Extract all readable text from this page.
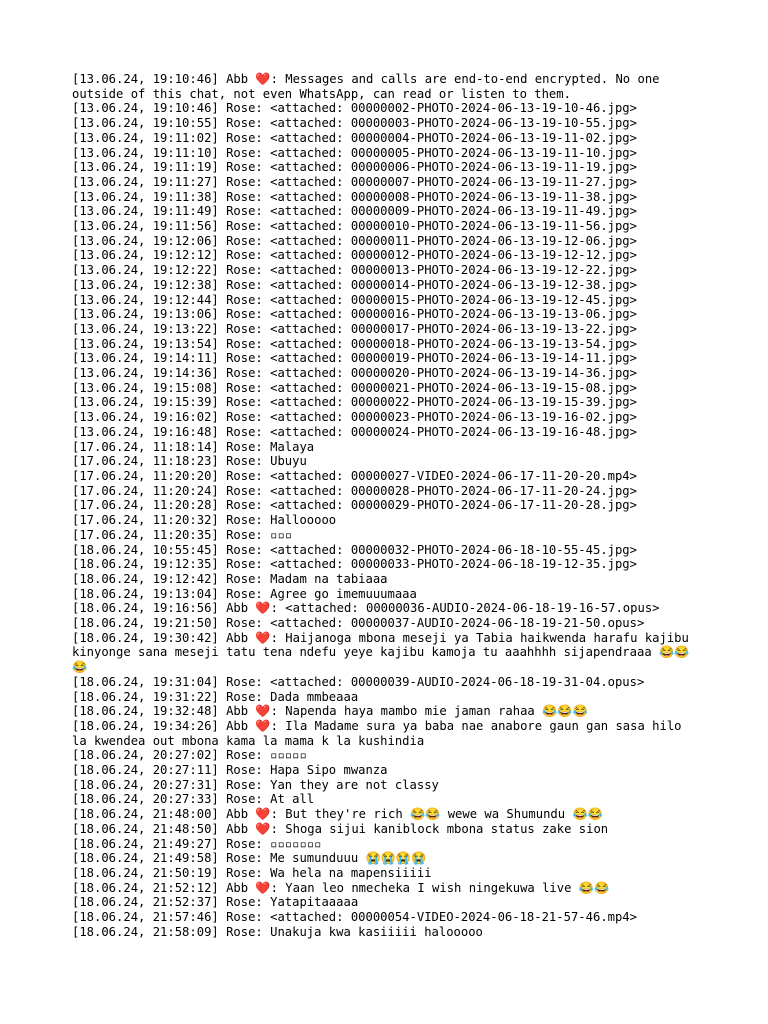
[13.06.24, 19:10:46] Abb ❤️: Messages and calls are end-to-end encrypted. No one outside of this chat, not even WhatsApp, can read or listen to them.
[13.06.24, 19:10:46] Rose: <attached: 00000002-PHOTO-2024-06-13-19-10-46.jpg>
[13.06.24, 19:10:55] Rose: <attached: 00000003-PHOTO-2024-06-13-19-10-55.jpg>
[13.06.24, 19:11:02] Rose: <attached: 00000004-PHOTO-2024-06-13-19-11-02.jpg>
[13.06.24, 19:11:10] Rose: <attached: 00000005-PHOTO-2024-06-13-19-11-10.jpg>
[13.06.24, 19:11:19] Rose: <attached: 00000006-PHOTO-2024-06-13-19-11-19.jpg>
[13.06.24, 19:11:27] Rose: <attached: 00000007-PHOTO-2024-06-13-19-11-27.jpg>
[13.06.24, 19:11:38] Rose: <attached: 00000008-PHOTO-2024-06-13-19-11-38.jpg>
[13.06.24, 19:11:49] Rose: <attached: 00000009-PHOTO-2024-06-13-19-11-49.jpg>
[13.06.24, 19:11:56] Rose: <attached: 00000010-PHOTO-2024-06-13-19-11-56.jpg>
[13.06.24, 19:12:06] Rose: <attached: 00000011-PHOTO-2024-06-13-19-12-06.jpg>
[13.06.24, 19:12:12] Rose: <attached: 00000012-PHOTO-2024-06-13-19-12-12.jpg>
[13.06.24, 19:12:22] Rose: <attached: 00000013-PHOTO-2024-06-13-19-12-22.jpg>
[13.06.24, 19:12:38] Rose: <attached: 00000014-PHOTO-2024-06-13-19-12-38.jpg>
[13.06.24, 19:12:44] Rose: <attached: 00000015-PHOTO-2024-06-13-19-12-45.jpg>
[13.06.24, 19:13:06] Rose: <attached: 00000016-PHOTO-2024-06-13-19-13-06.jpg>
[13.06.24, 19:13:22] Rose: <attached: 00000017-PHOTO-2024-06-13-19-13-22.jpg>
[13.06.24, 19:13:54] Rose: <attached: 00000018-PHOTO-2024-06-13-19-13-54.jpg>
[13.06.24, 19:14:11] Rose: <attached: 00000019-PHOTO-2024-06-13-19-14-11.jpg>
[13.06.24, 19:14:36] Rose: <attached: 00000020-PHOTO-2024-06-13-19-14-36.jpg>
[13.06.24, 19:15:08] Rose: <attached: 00000021-PHOTO-2024-06-13-19-15-08.jpg>
[13.06.24, 19:15:39] Rose: <attached: 00000022-PHOTO-2024-06-13-19-15-39.jpg>
[13.06.24, 19:16:02] Rose: <attached: 00000023-PHOTO-2024-06-13-19-16-02.jpg>
[13.06.24, 19:16:48] Rose: <attached: 00000024-PHOTO-2024-06-13-19-16-48.jpg>
[17.06.24, 11:18:14] Rose: Malaya
[17.06.24, 11:18:23] Rose: Ubuyu
[17.06.24, 11:20:20] Rose: <attached: 00000027-VIDEO-2024-06-17-11-20-20.mp4>
[17.06.24, 11:20:24] Rose: <attached: 00000028-PHOTO-2024-06-17-11-20-24.jpg>
[17.06.24, 11:20:28] Rose: <attached: 00000029-PHOTO-2024-06-17-11-20-28.jpg>
[17.06.24, 11:20:32] Rose: Hallooooo
[17.06.24, 11:20:35] Rose: ▫▫▫
[18.06.24, 10:55:45] Rose: <attached: 00000032-PHOTO-2024-06-18-10-55-45.jpg>
[18.06.24, 19:12:35] Rose: <attached: 00000033-PHOTO-2024-06-18-19-12-35.jpg>
[18.06.24, 19:12:42] Rose: Madam na tabiaaa
[18.06.24, 19:13:04] Rose: Agree go imemuuumaaa
[18.06.24, 19:16:56] Abb ❤️: <attached: 00000036-AUDIO-2024-06-18-19-16-57.opus>
[18.06.24, 19:21:50] Rose: <attached: 00000037-AUDIO-2024-06-18-19-21-50.opus>
[18.06.24, 19:30:42] Abb ❤️: Haijanoga mbona meseji ya Tabia haikwenda harafu kajibu kinyonge sana meseji tatu tena ndefu yeye kajibu kamoja tu aaahhhh sijapendraaa 😂😂😂
[18.06.24, 19:31:04] Rose: <attached: 00000039-AUDIO-2024-06-18-19-31-04.opus>
[18.06.24, 19:31:22] Rose: Dada mmbeaaa
[18.06.24, 19:32:48] Abb ❤️: Napenda haya mambo mie jaman rahaa 😂😂😂
[18.06.24, 19:34:26] Abb ❤️: Ila Madame sura ya baba nae anabore gaun gan sasa hilo la kwendea out mbona kama la mama k la kushindia
[18.06.24, 20:27:02] Rose: ▫▫▫▫▫
[18.06.24, 20:27:11] Rose: Hapa Sipo mwanza
[18.06.24, 20:27:31] Rose: Yan they are not classy
[18.06.24, 20:27:33] Rose: At all
[18.06.24, 21:48:00] Abb ❤️: But they're rich 😂😂 wewe wa Shumundu 😂😂
[18.06.24, 21:48:50] Abb ❤️: Shoga sijui kaniblock mbona status zake sion
[18.06.24, 21:49:27] Rose: ▫▫▫▫▫▫▫
[18.06.24, 21:49:58] Rose: Me sumunduuu 😭😭😭😭
[18.06.24, 21:50:19] Rose: Wa hela na mapensiiiii
[18.06.24, 21:52:12] Abb ❤️: Yaan leo nmecheka I wish ningekuwa live 😂😂
[18.06.24, 21:52:37] Rose: Yatapitaaaaa
[18.06.24, 21:57:46] Rose: <attached: 00000054-VIDEO-2024-06-18-21-57-46.mp4>
[18.06.24, 21:58:09] Rose: Unakuja kwa kasiiiii halooooo
